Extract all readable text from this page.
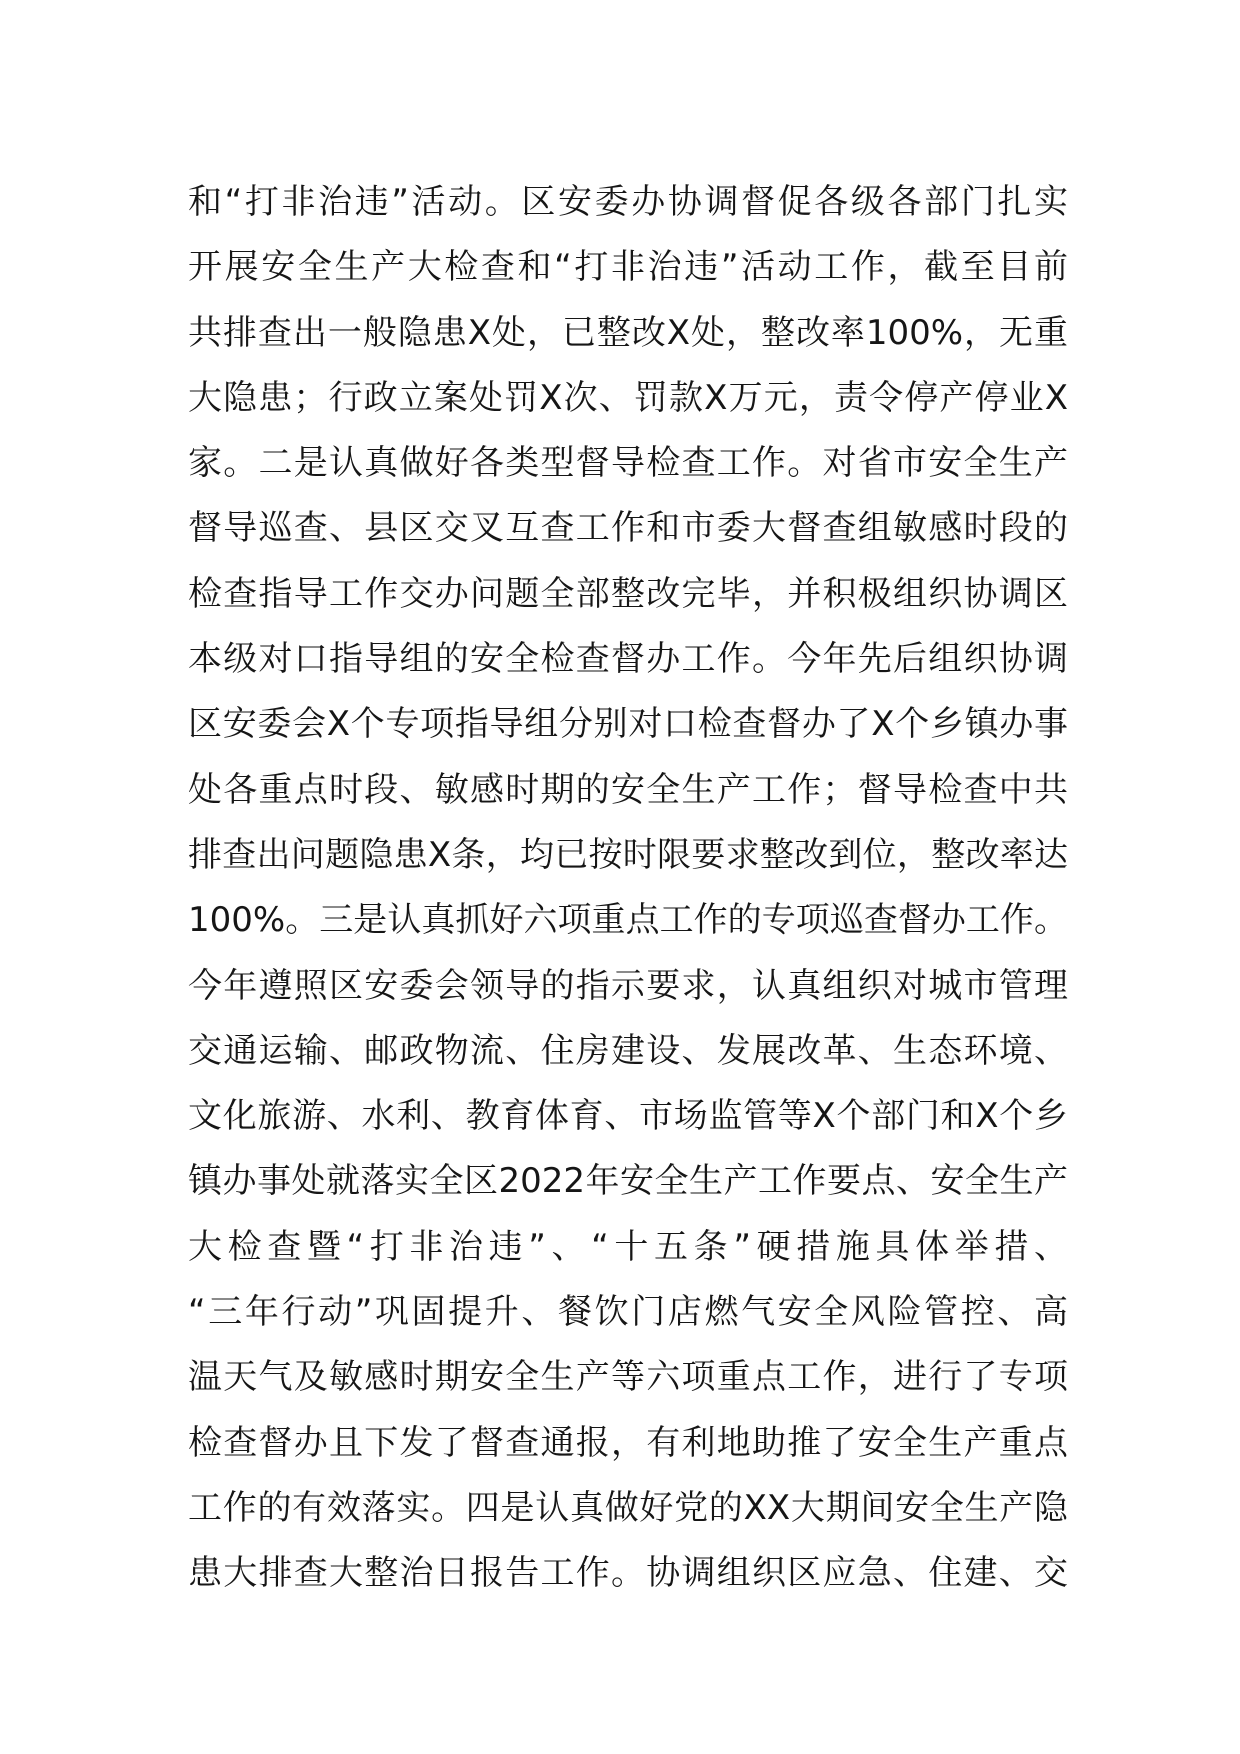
和“打非治违”活动。区安委办协调督促各级各部门扎实
开展安全生产大检查和“打非治违”活动工作，截至目前
共排查出一般隐患X处，已整改X处，整改率100%，无重
大隐患；行政立案处罚X次、罚款X万元，责令停产停业X
家。二是认真做好各类型督导检查工作。对省市安全生产
督导巡查、县区交叉互查工作和市委大督查组敏感时段的
检查指导工作交办问题全部整改完毕，并积极组织协调区
本级对口指导组的安全检查督办工作。今年先后组织协调
区安委会X个专项指导组分别对口检查督办了X个乡镇办事
处各重点时段、敏感时期的安全生产工作；督导检查中共
排查出问题隐患X条，均已按时限要求整改到位，整改率达
100%。三是认真抓好六项重点工作的专项巡查督办工作。
今年遵照区安委会领导的指示要求，认真组织对城市管理
交通运输、邮政物流、住房建设、发展改革、生态环境、
文化旅游、水利、教育体育、市场监管等X个部门和X个乡
镇办事处就落实全区2022年安全生产工作要点、安全生产
大检查暨“打非治违”、“十五条”硬措施具体举措、
“三年行动”巩固提升、餐饮门店燃气安全风险管控、高
温天气及敏感时期安全生产等六项重点工作，进行了专项
检查督办且下发了督查通报，有利地助推了安全生产重点
工作的有效落实。四是认真做好党的XX大期间安全生产隐
患大排查大整治日报告工作。协调组织区应急、住建、交
